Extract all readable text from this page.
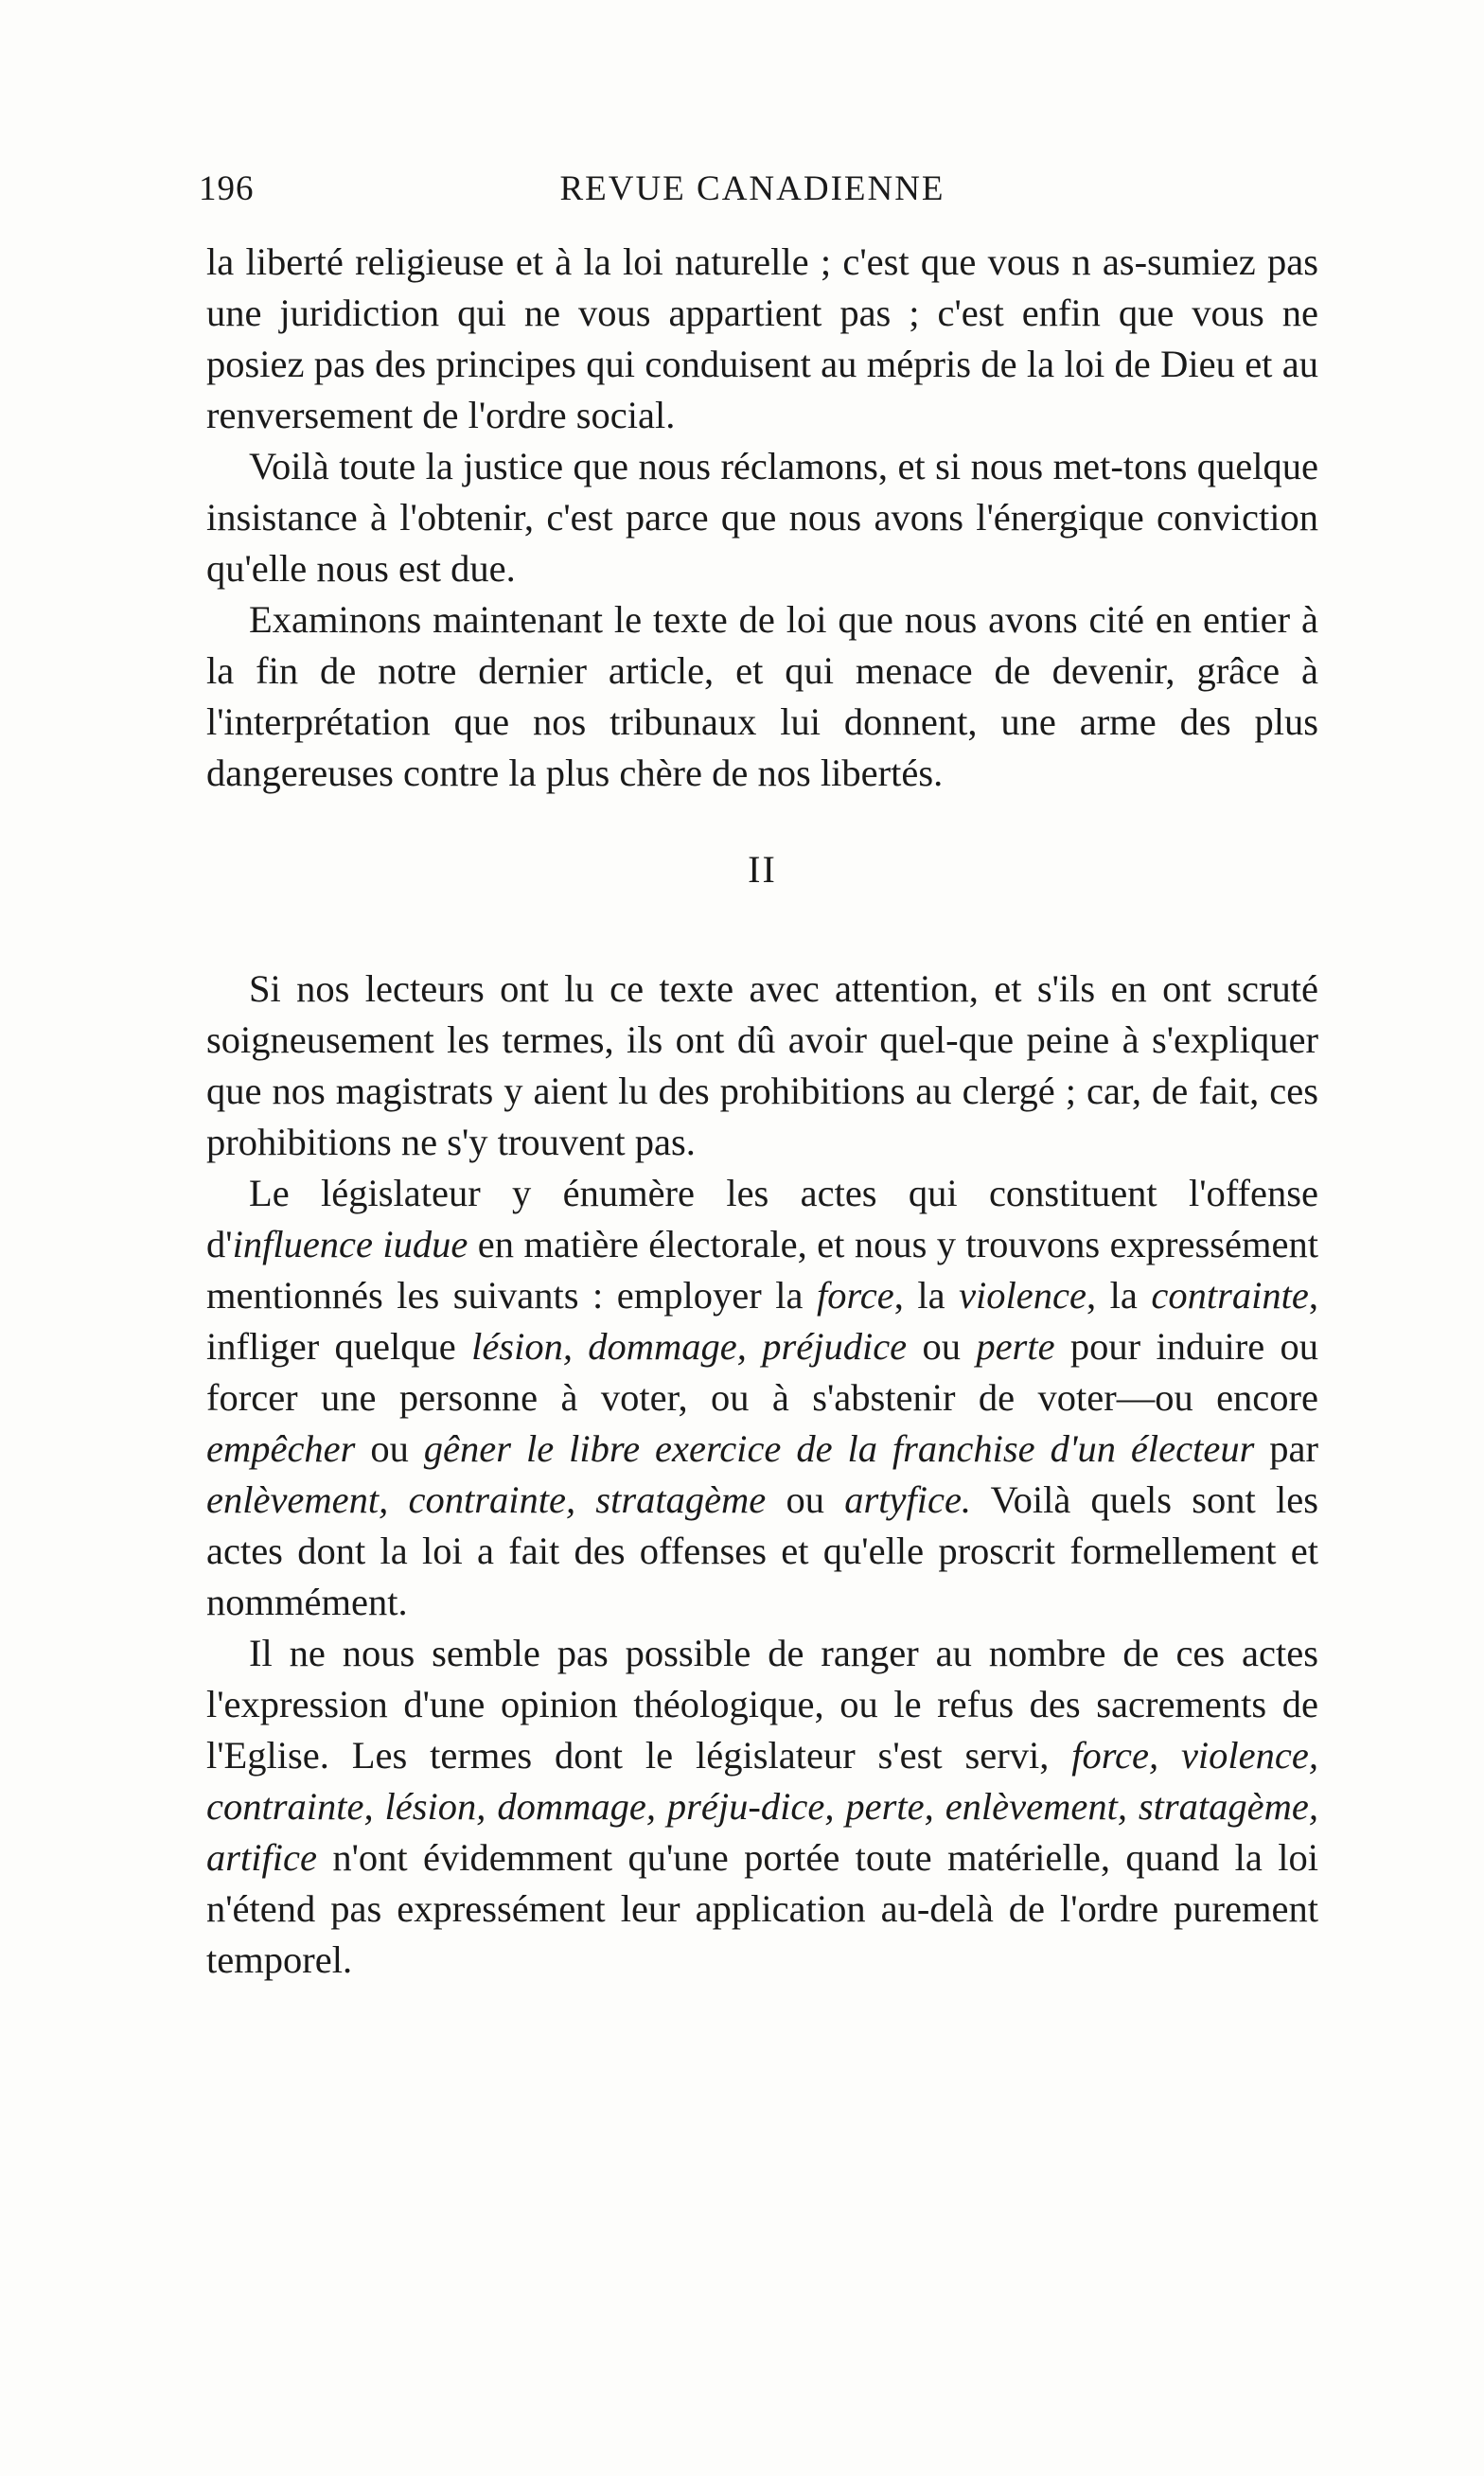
196	REVUE CANADIENNE

la liberté religieuse et à la loi naturelle ; c'est que vous n as-sumiez pas une juridiction qui ne vous appartient pas ; c'est enfin que vous ne posiez pas des principes qui conduisent au mépris de la loi de Dieu et au renversement de l'ordre social.

Voilà toute la justice que nous réclamons, et si nous met-tons quelque insistance à l'obtenir, c'est parce que nous avons l'énergique conviction qu'elle nous est due.

Examinons maintenant le texte de loi que nous avons cité en entier à la fin de notre dernier article, et qui menace de devenir, grâce à l'interprétation que nos tribunaux lui donnent, une arme des plus dangereuses contre la plus chère de nos libertés.

II

Si nos lecteurs ont lu ce texte avec attention, et s'ils en ont scruté soigneusement les termes, ils ont dû avoir quel-que peine à s'expliquer que nos magistrats y aient lu des prohibitions au clergé ; car, de fait, ces prohibitions ne s'y trouvent pas.

Le législateur y énumère les actes qui constituent l'offense d'influence iudue en matière électorale, et nous y trouvons expressément mentionnés les suivants : employer la force, la violence, la contrainte, infliger quelque lésion, dommage, préjudice ou perte pour induire ou forcer une personne à voter, ou à s'abstenir de voter—ou encore empêcher ou gêner le libre exercice de la franchise d'un électeur par enlèvement, contrainte, stratagème ou artyfice. Voilà quels sont les actes dont la loi a fait des offenses et qu'elle proscrit formellement et nommément.

Il ne nous semble pas possible de ranger au nombre de ces actes l'expression d'une opinion théologique, ou le refus des sacrements de l'Eglise. Les termes dont le législateur s'est servi, force, violence, contrainte, lésion, dommage, préju-dice, perte, enlèvement, stratagème, artifice n'ont évidemment qu'une portée toute matérielle, quand la loi n'étend pas expressément leur application au-delà de l'ordre purement temporel.
